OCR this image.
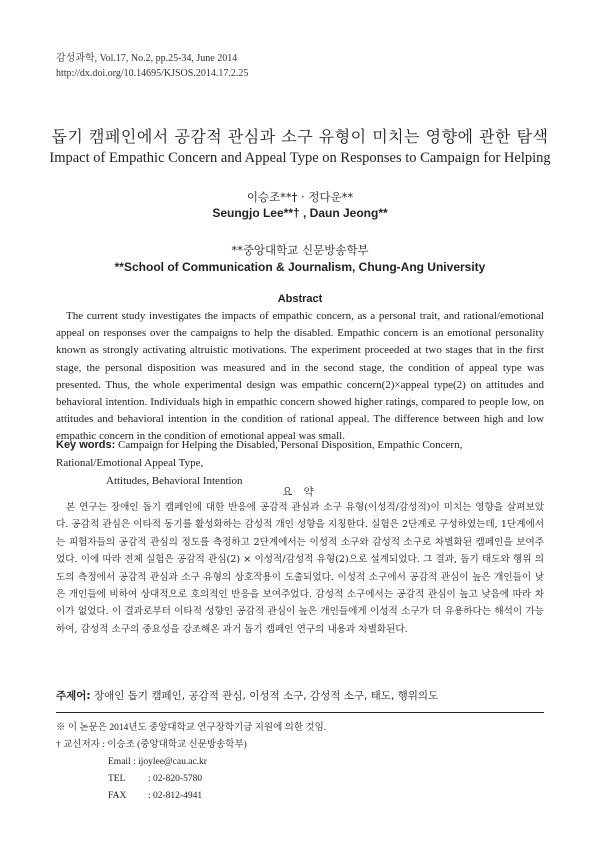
감성과학, Vol.17, No.2, pp.25-34, June 2014
http://dx.doi.org/10.14695/KJSOS.2014.17.2.25
돕기 캠페인에서 공감적 관심과 소구 유형이 미치는 영향에 관한 탐색
Impact of Empathic Concern and Appeal Type on Responses to Campaign for Helping
이승조**† · 정다운**
Seungjo Lee**† , Daun Jeong**
**중앙대학교 신문방송학부
**School of Communication & Journalism, Chung-Ang University
Abstract
The current study investigates the impacts of empathic concern, as a personal trait, and rational/emotional appeal on responses over the campaigns to help the disabled. Empathic concern is an emotional personality known as strongly activating altruistic motivations. The experiment proceeded at two stages that in the first stage, the personal disposition was measured and in the second stage, the condition of appeal type was presented. Thus, the whole experimental design was empathic concern(2)×appeal type(2) on attitudes and behavioral intention. Individuals high in empathic concern showed higher ratings, compared to people low, on attitudes and behavioral intention in the condition of rational appeal. The difference between high and low empathic concern in the condition of emotional appeal was small.
Key words: Campaign for Helping the Disabled, Personal Disposition, Empathic Concern, Rational/Emotional Appeal Type,
Attitudes, Behavioral Intention
요 약
본 연구는 장애인 돕기 캠페인에 대한 반응에 공감적 관심과 소구 유형(이성적/감성적)이 미치는 영향을 살펴보았다. 공감적 관심은 이타적 동기를 활성화하는 감성적 개인 성향을 지칭한다. 실험은 2단계로 구성하였는데, 1단계에서는 피험자들의 공감적 관심의 정도를 측정하고 2단계에서는 이성적 소구와 감성적 소구로 차별화된 캠페인을 보여주었다. 이에 따라 전체 실험은 공감적 관심(2) × 이성적/감성적 유형(2)으로 설계되었다. 그 결과, 돕기 태도와 행위 의도의 측정에서 공감적 관심과 소구 유형의 상호작용이 도출되었다. 이성적 소구에서 공감적 관심이 높은 개인들이 낮은 개인들에 비하여 상대적으로 호의적인 반응을 보여주었다. 감성적 소구에서는 공감적 관심이 높고 낮음에 따라 차이가 없었다. 이 결과로부터 이타적 성향인 공감적 관심이 높은 개인들에게 이성적 소구가 더 유용하다는 해석이 가능하여, 감성적 소구의 중요성을 강조해온 과거 돕기 캠페인 연구의 내용과 차별화된다.
주제어: 장애인 돕기 캠페인, 공감적 관심, 이성적 소구, 감성적 소구, 태도, 행위의도
※ 이 논문은 2014년도 중앙대학교 연구장학기금 지원에 의한 것임.
† 교신저자 : 이승조 (중앙대학교 신문방송학부)
Email : ijoylee@cau.ac.kr
TEL : 02-820-5780
FAX : 02-812-4941
